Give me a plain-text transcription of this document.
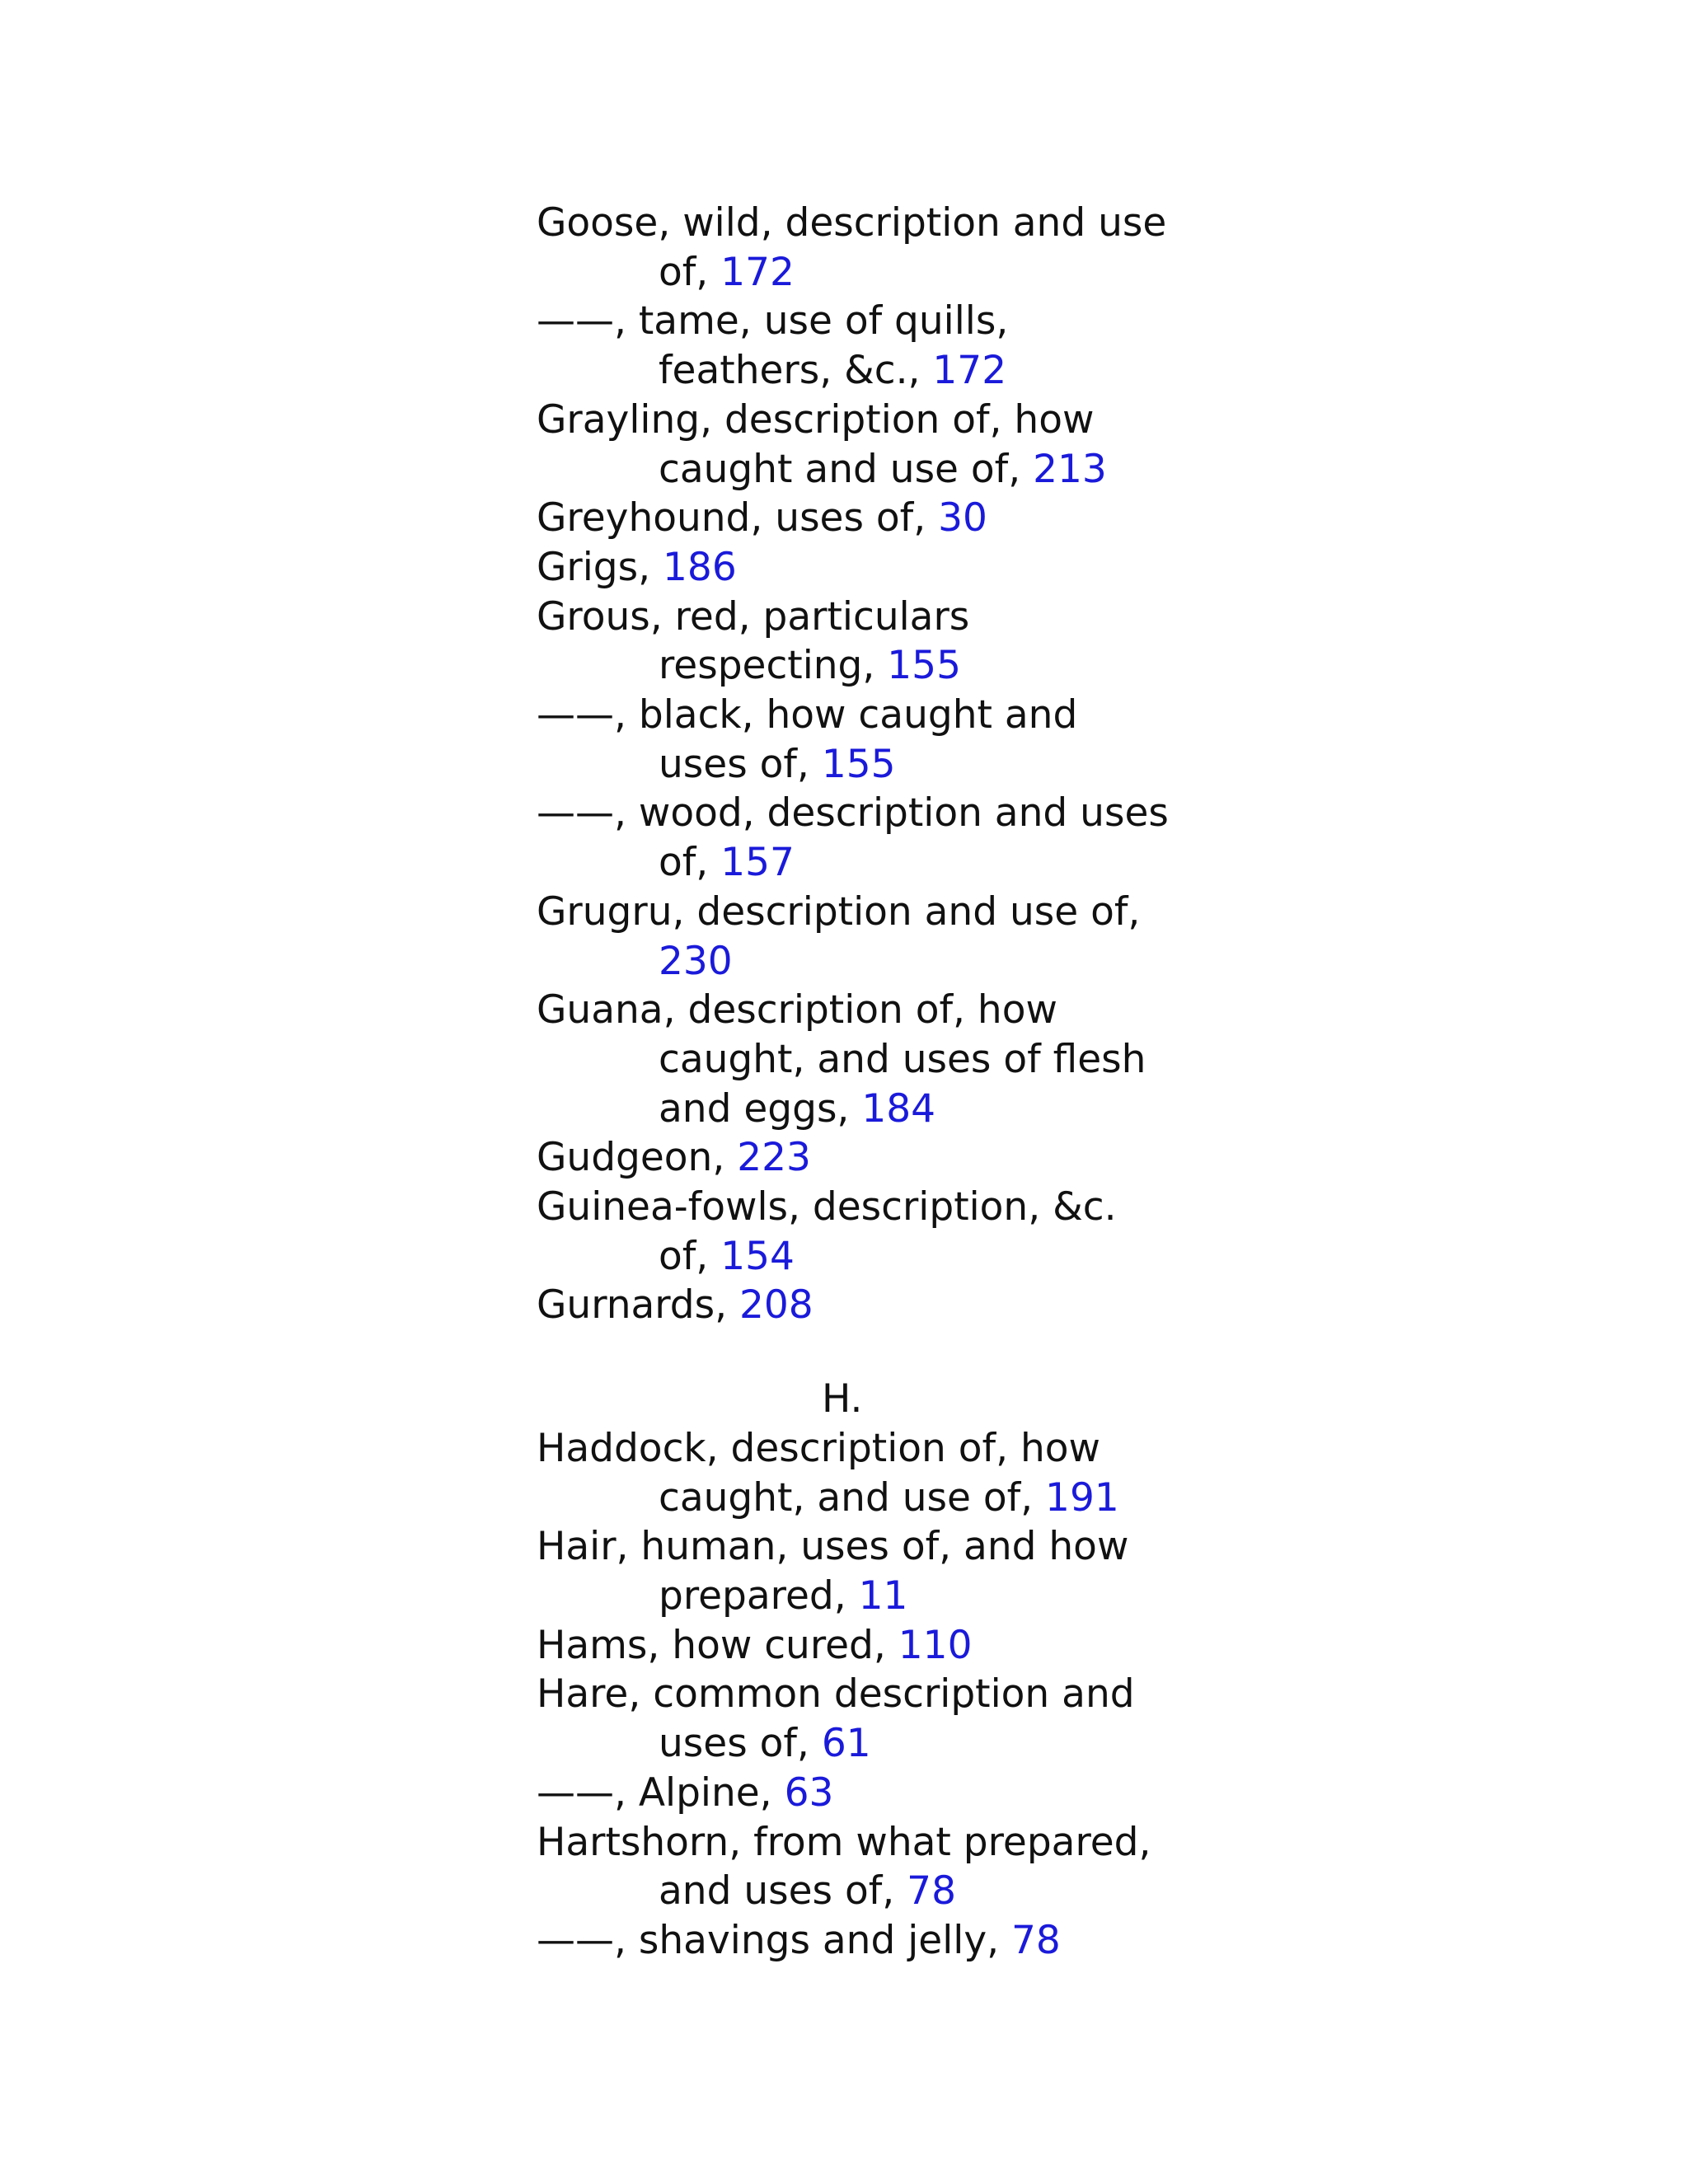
Goose, wild, description and use
of, 172
——, tame, use of quills,
feathers, &c., 172
Grayling, description of, how
caught and use of, 213
Greyhound, uses of, 30
Grigs, 186
Grous, red, particulars
respecting, 155
——, black, how caught and
uses of, 155
——, wood, description and uses
of, 157
Grugru, description and use of,
230
Guana, description of, how
caught, and uses of flesh
and eggs, 184
Gudgeon, 223
Guinea-fowls, description, &c.
of, 154
Gurnards, 208
H.
Haddock, description of, how
caught, and use of, 191
Hair, human, uses of, and how
prepared, 11
Hams, how cured, 110
Hare, common description and
uses of, 61
——, Alpine, 63
Hartshorn, from what prepared,
and uses of, 78
——, shavings and jelly, 78
